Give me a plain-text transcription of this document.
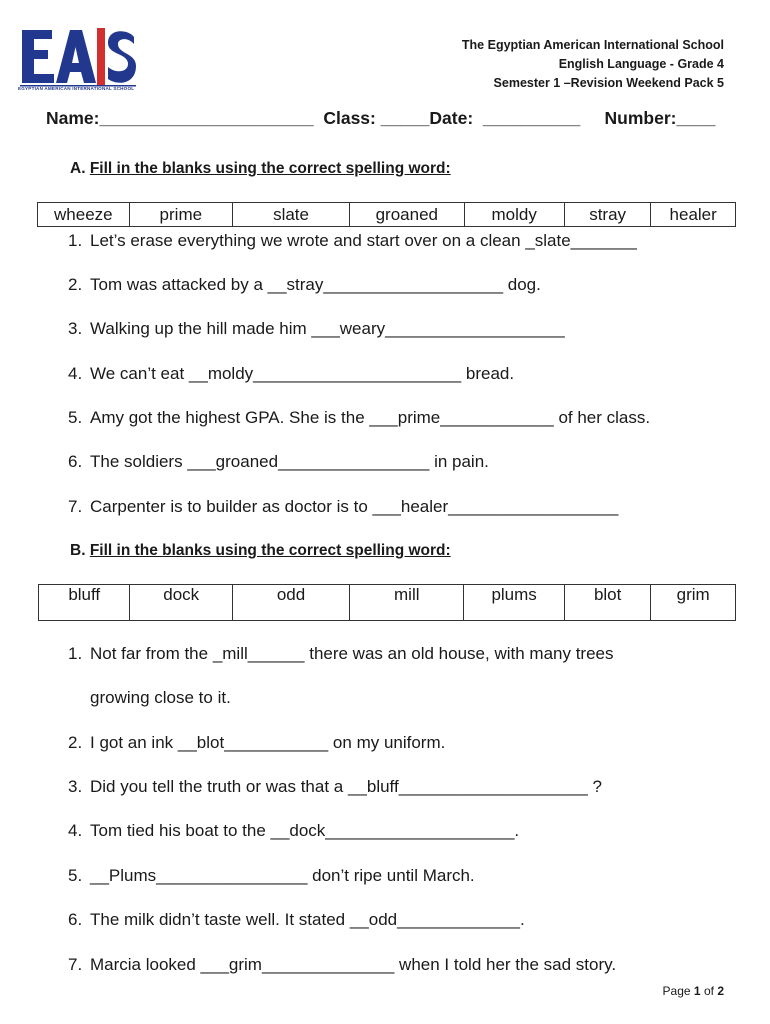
EGYPTIAN AMERICAN INTERNATIONAL SCHOOL
The Egyptian American International School
English Language - Grade 4
Semester 1 –Revision Weekend Pack 5
Name:______________________  Class: _____Date:  __________     Number:____
A. Fill in the blanks using the correct spelling word:
wheeze	prime	slate	groaned	moldy	stray	healer
1. Let’s erase everything we wrote and start over on a clean _slate_______
2. Tom was attacked by a __stray___________________ dog.
3. Walking up the hill made him ___weary___________________
4. We can’t eat __moldy______________________ bread.
5. Amy got the highest GPA. She is the ___prime____________ of her class.
6. The soldiers ___groaned________________ in pain.
7. Carpenter is to builder as doctor is to ___healer__________________
B. Fill in the blanks using the correct spelling word:
bluff	dock	odd	mill	plums	blot	grim
1. Not far from the _mill______ there was an old house, with many trees
growing close to it.
2. I got an ink __blot___________ on my uniform.
3. Did you tell the truth or was that a __bluff____________________ ?
4. Tom tied his boat to the __dock____________________.
5. __Plums________________ don’t ripe until March.
6. The milk didn’t taste well. It stated __odd_____________.
7. Marcia looked ___grim______________ when I told her the sad story.
Page 1 of 2
